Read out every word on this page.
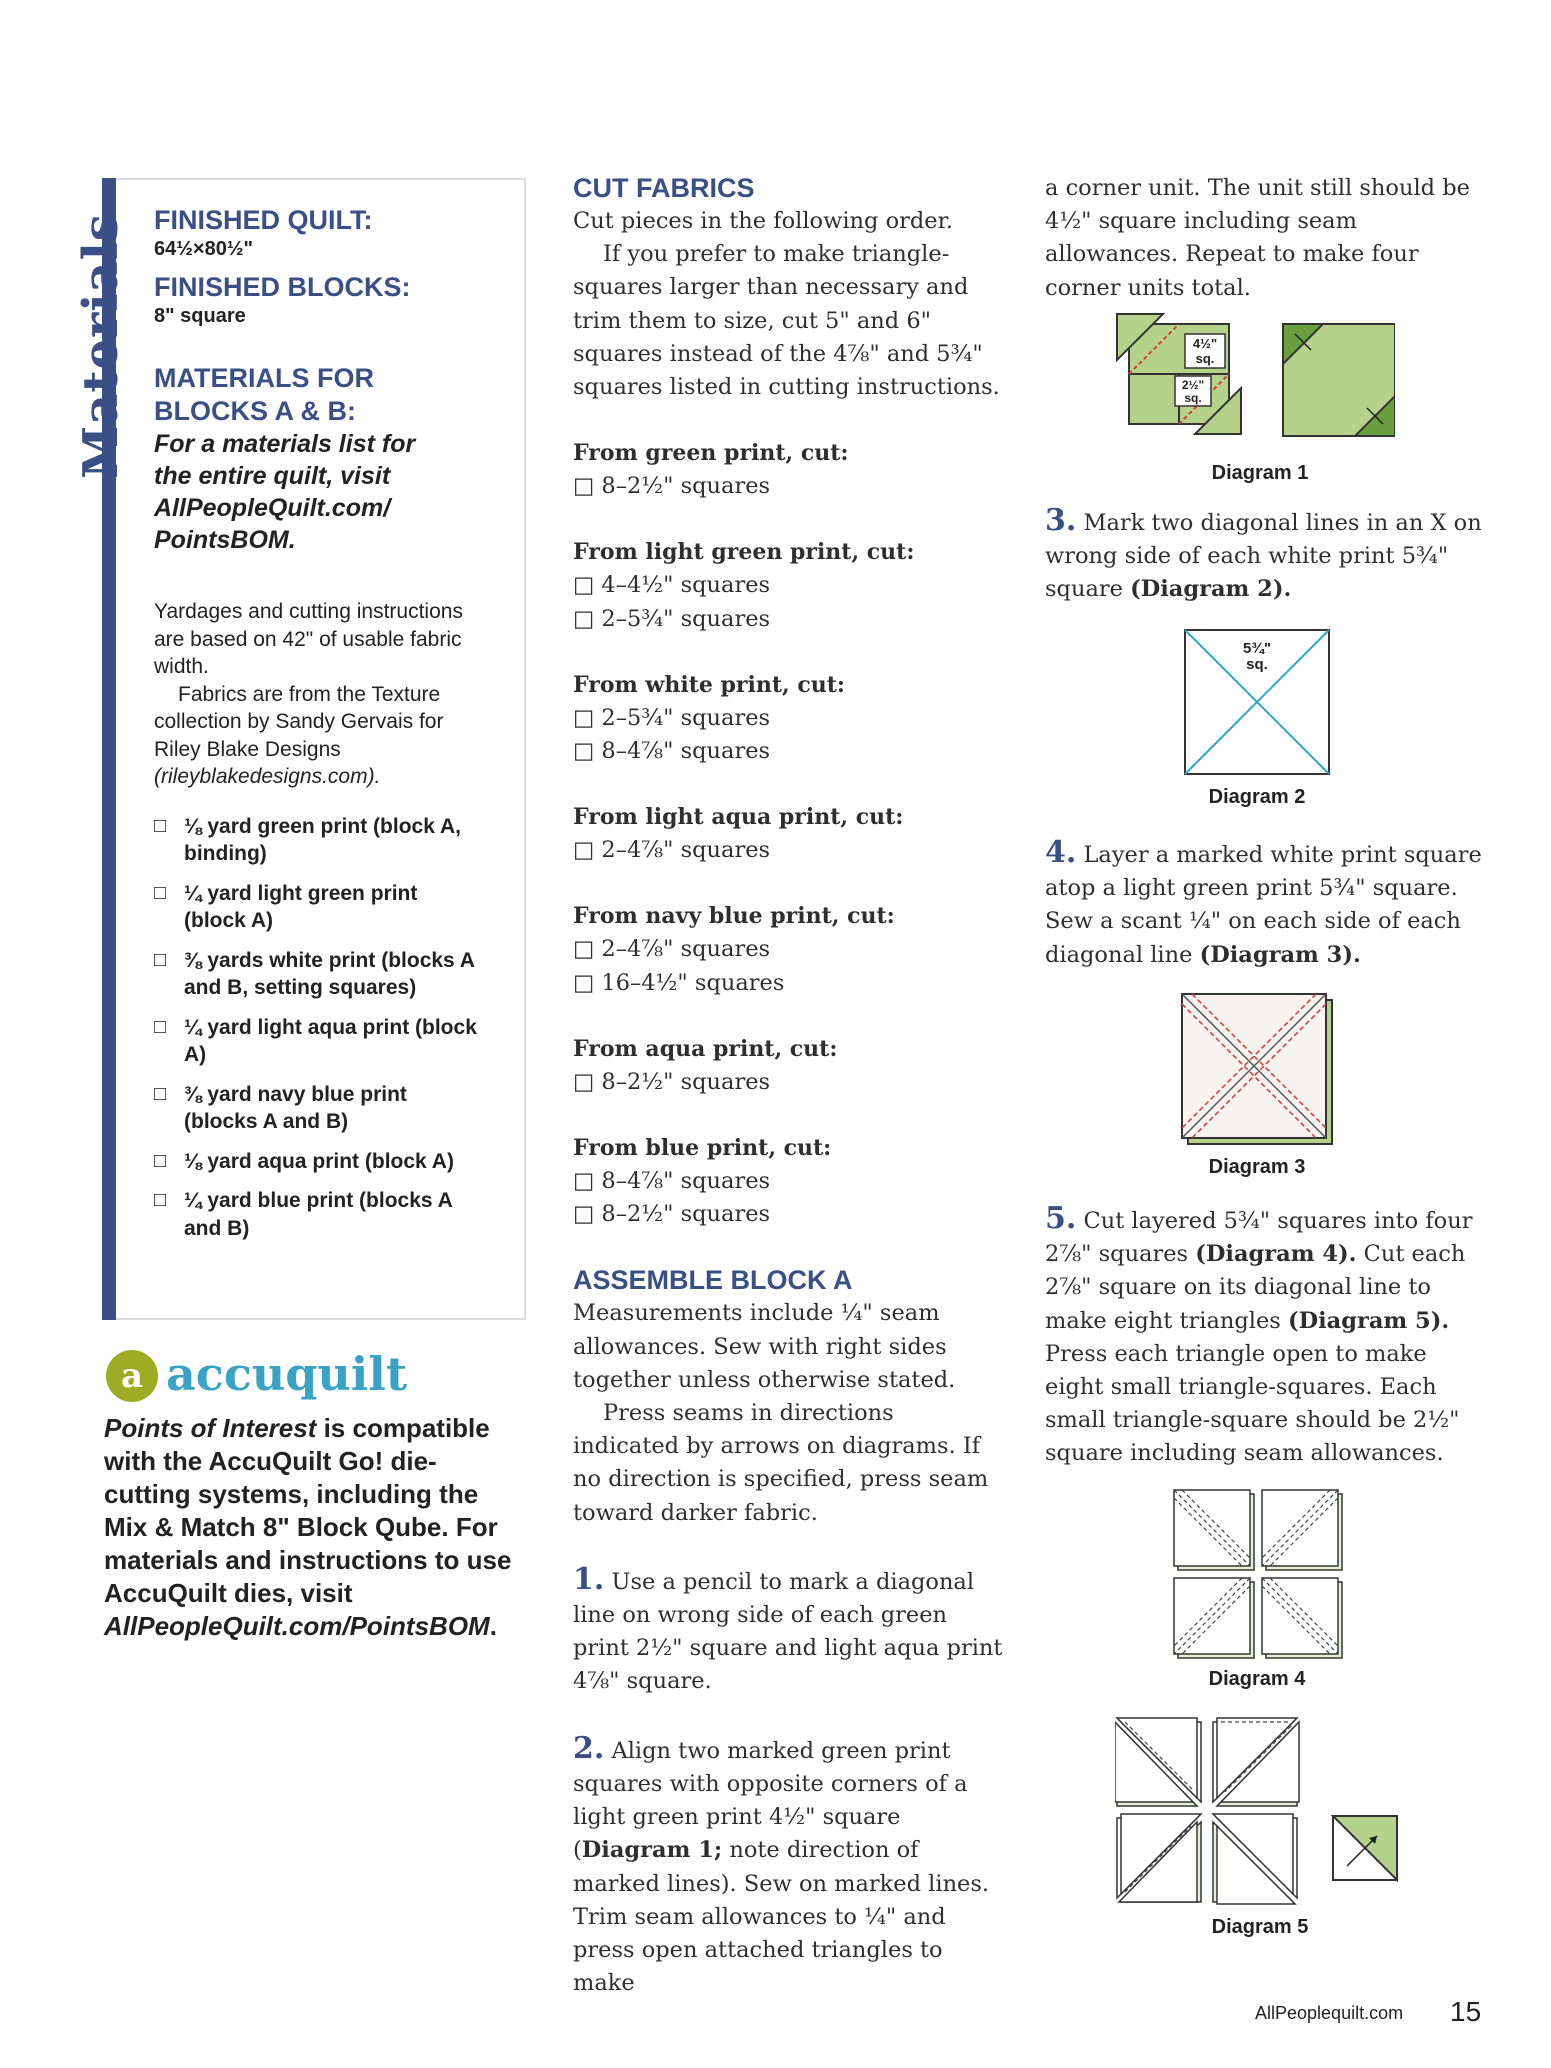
Materials FINISHED QUILT:
64½×80½"
FINISHED BLOCKS:
8" square
MATERIALS FOR
BLOCKS A & B:
For a materials list for the entire quilt, visit AllPeopleQuilt.com/ PointsBOM.
Yardages and cutting instructions are based on 42" of usable fabric width.
Fabrics are from the Texture collection by Sandy Gervais for Riley Blake Designs
(rileyblakedesigns.com).
□ ⅛ yard green print (block A, binding)
□ ¼ yard light green print (block A)
□ ⅜ yards white print (blocks A and B, setting squares)
□ ¼ yard light aqua print (block A)
□ ⅜ yard navy blue print (blocks A and B)
□ ⅛ yard aqua print (block A)
□ ¼ yard blue print (blocks A and B)
a accuquilt
Points of Interest is compatible with the AccuQuilt Go! die-cutting systems, including the Mix & Match 8" Block Qube. For materials and instructions to use AccuQuilt dies, visit AllPeopleQuilt.com/PointsBOM.
CUT FABRICS

Cut pieces in the following order.

If you prefer to make triangle-squares larger than necessary and trim them to size, cut 5" and 6" squares instead of the 4⅞" and 5¾" squares listed in cutting instructions.

From green print, cut:

□ 8–2½" squares

From light green print, cut:

□ 4–4½" squares

□ 2–5¾" squares

From white print, cut:

□ 2–5¾" squares

□ 8–4⅞" squares

From light aqua print, cut:

□ 2–4⅞" squares

From navy blue print, cut:

□ 2–4⅞" squares

□ 16–4½" squares

From aqua print, cut:

□ 8–2½" squares

From blue print, cut:

□ 8–4⅞" squares

□ 8–2½" squares

ASSEMBLE BLOCK A

Measurements include ¼" seam allowances. Sew with right sides together unless otherwise stated.

Press seams in directions indicated by arrows on diagrams. If no direction is specified, press seam toward darker fabric.

1. Use a pencil to mark a diagonal line on wrong side of each green print 2½" square and light aqua print 4⅞" square.

2. Align two marked green print squares with opposite corners of a light green print 4½" square (Diagram 1; note direction of marked lines). Sew on marked lines. Trim seam allowances to ¼" and press open attached triangles to make

a corner unit. The unit still should be 4½" square including seam allowances. Repeat to make four corner units total.

4½"
sq.
2½"
sq.
Diagram 1

3. Mark two diagonal lines in an X on wrong side of each white print 5¾" square (Diagram 2).

5¾"
sq.
Diagram 2

4. Layer a marked white print square atop a light green print 5¾" square. Sew a scant ¼" on each side of each diagonal line (Diagram 3).

Diagram 3

5. Cut layered 5¾" squares into four 2⅞" squares (Diagram 4). Cut each 2⅞" square on its diagonal line to make eight triangles (Diagram 5). Press each triangle open to make eight small triangle-squares. Each small triangle-square should be 2½" square including seam allowances.

Diagram 4
Diagram 5
AllPeoplequilt.com 15
